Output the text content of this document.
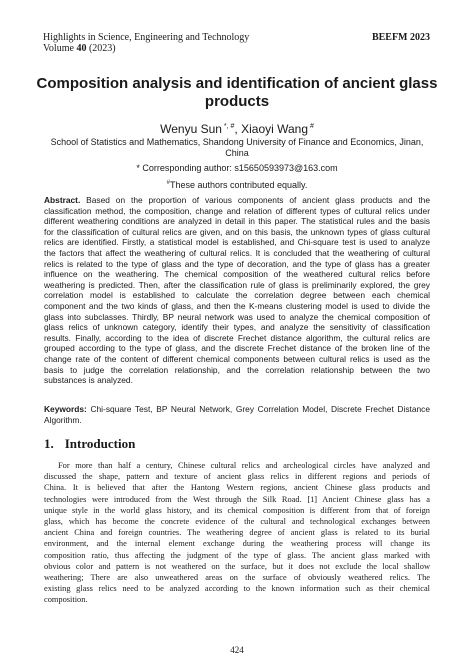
Highlights in Science, Engineering and Technology
Volume 40 (2023)
BEEFM 2023
Composition analysis and identification of ancient glass
products
Wenyu Sun *, #, Xiaoyi Wang #
School of Statistics and Mathematics, Shandong University of Finance and Economics, Jinan,
China
* Corresponding author: s15650593973@163.com
#These authors contributed equally.
Abstract. Based on the proportion of various components of ancient glass products and the
classification method, the composition, change and relation of different types of cultural relics under
different weathering conditions are analyzed in detail in this paper. The statistical rules and the basis
for the classification of cultural relics are given, and on this basis, the unknown types of glass cultural
relics are identified. Firstly, a statistical model is established, and Chi-square test is used to analyze
the factors that affect the weathering of cultural relics. It is concluded that the weathering of cultural
relics is related to the type of glass and the type of decoration, and the type of glass has a greater
influence on the weathering. The chemical composition of the weathered cultural relics before
weathering is predicted. Then, after the classification rule of glass is preliminarily explored, the grey
correlation model is established to calculate the correlation degree between each chemical
component and the two kinds of glass, and then the K-means clustering model is used to divide the
glass into subclasses. Thirdly, BP neural network was used to analyze the chemical composition of
glass relics of unknown category, identify their types, and analyze the sensitivity of classification
results. Finally, according to the idea of discrete Frechet distance algorithm, the cultural relics are
grouped according to the type of glass, and the discrete Frechet distance of the broken line of the
change rate of the content of different chemical components between cultural relics is used as the
basis to judge the correlation relationship, and the correlation relationship between the two
substances is analyzed.
Keywords: Chi-square Test, BP Neural Network, Grey Correlation Model, Discrete Frechet Distance
Algorithm.
1. Introduction
For more than half a century, Chinese cultural relics and archeological circles have analyzed and
discussed the shape, pattern and texture of ancient glass relics in different regions and periods of
China. It is believed that after the Hantong Western regions, ancient Chinese glass products and
technologies were introduced from the West through the Silk Road. [1] Ancient Chinese glass has a
unique style in the world glass history, and its chemical composition is different from that of foreign
glass, which has become the concrete evidence of the cultural and technological exchanges between
ancient China and foreign countries. The weathering degree of ancient glass is related to its burial
environment, and the internal element exchange during the weathering process will change its
composition ratio, thus affecting the judgment of the type of glass. The ancient glass marked with
obvious color and pattern is not weathered on the surface, but it does not exclude the local shallow
weathering; There are also unweathered areas on the surface of obviously weathered relics. The
existing glass relics need to be analyzed according to the known information such as their chemical
composition.
424
